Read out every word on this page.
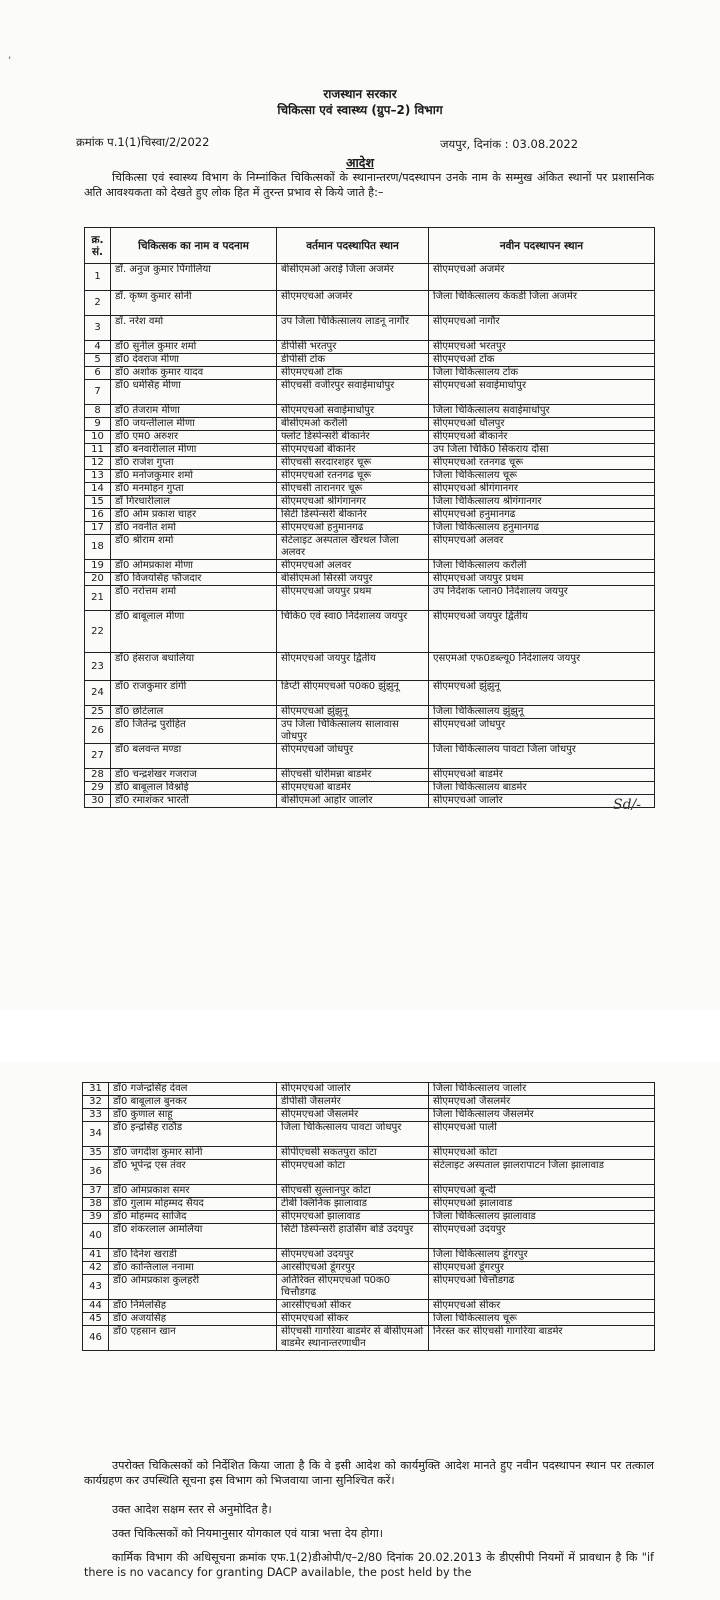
,
राजस्थान सरकार
चिकित्सा एवं स्वास्थ्य (ग्रुप–2) विभाग
क्रमांक प.1(1)चिस्वा/2/2022	जयपुर, दिनांक : 03.08.2022
आदेश
चिकित्सा एवं स्वास्थ्य विभाग के निम्नांकित चिकित्सकों के स्थानान्तरण/पदस्थापन उनके नाम के सम्मुख अंकित स्थानों पर प्रशासनिक अति आवश्यकता को देखते हुए लोक हित में तुरन्त प्रभाव से किये जाते है:–
क्र. सं.	चिकित्सक का नाम व पदनाम	वर्तमान पदस्थापित स्थान	नवीन पदस्थापन स्थान
1	डॉ. अनुज कुमार पिंगोलिया	बीसीएमओ अराई जिला अजमेर	सीएमएचओ अजमेर
2	डॉ. कृष्ण कुमार सोनी	सीएमएचओ अजमेर	जिला चिकित्सालय केकडी जिला अजमेर
3	डॉ. नरेश वर्मा	उप जिला चिकित्सालय लाडनू नागौर	सीएमएचओ नागौर
4	डॉ0 सुनील कुमार शर्मा	डीपीसी भरतपुर	सीएमएचओ भरतपुर
5	डॉ0 देवराज मीणा	डीपीसी टोंक	सीएमएचओ टोंक
6	डॉ0 अशोक कुमार यादव	सीएमएचओ टोंक	जिला चिकित्सालय टोंक
7	डॉ0 धर्मसिंह मीणा	सीएचसी वजीरपुर सवाईमाधोपुर	सीएमएचओ सवाईमाधोपुर
8	डॉ0 तेजराम मीणा	सीएमएचओ सवाईमाधोपुर	जिला चिकित्सालय सवाईमाधोपुर
9	डॉ0 जयन्तीलाल मीणा	बीसीएमओ करौली	सीएमएचओ धौलपुर
10	डॉ0 एम0 अरुशर	फ्लोट डिस्पेन्सरी बीकानेर	सीएमएचओ बीकानेर
11	डॉ0 बनवारीलाल मीणा	सीएमएचओ बीकानेर	उप जिला चिकि0 सिकराय दौसा
12	डॉ0 राजेश गुप्ता	सीएचसी सरदारशहर चूरू	सीएमएचओ रतनगढ चूरू
13	डॉ0 मनोजकुमार शर्मा	सीएमएचओ रतनगढ चूरू	जिला चिकित्सालय चूरू
14	डॉ0 मनमोहन गुप्ता	सीएचसी तारानगर चूरू	सीएमएचओ श्रीगंगानगर
15	डॉ गिरधारीलाल	सीएमएचओ श्रीगंगानगर	जिला चिकित्सालय श्रीगंगानगर
16	डॉ0 ओम प्रकाश चाहर	सिटी डिस्पेन्सरी बीकानेर	सीएमएचओ हनुमानगढ
17	डॉ0 नवनीत शर्मा	सीएमएचओ हनुमानगढ	जिला चिकित्सालय हनुमानगढ
18	डॉ0 श्रीराम शर्मा	सेटेलाइट अस्पताल खैरथल जिला अलवर	सीएमएचओ अलवर
19	डॉ0 ओमप्रकाश मीणा	सीएमएचओ अलवर	जिला चिकित्सालय करौली
20	डॉ0 विजयसिंह फौजदार	बीसीएमओ सिरसी जयपुर	सीएमएचओ जयपुर प्रथम
21	डॉ0 नरोत्तम शर्मा	सीएमएचओ जयपुर प्रथम	उप निदेशक प्लान0 निदेशालय जयपुर
22	डॉ0 बाबूलाल मीणा	चिकि0 एवं स्वा0 निदेशालय जयपुर	सीएमएचओ जयपुर द्वितीय
23	डॉ0 हंसराज बधालिया	सीएमएचओ जयपुर द्वितीय	एसएमओ एफ0डब्ल्यू0 निदेशालय जयपुर
24	डॉ0 राजकुमार डांगी	डिप्टी सीएमएचओ प0क0 झुंझुनू	सीएमएचओ झुंझुनू
25	डॉ0 छोटेलाल	सीएमएचओ झुंझुनू	जिला चिकित्सालय झुंझुनू
26	डॉ0 जितेन्द्र पुरोहित	उप जिला चिकित्सालय सालावास जोधपुर	सीएमएचओ जोधपुर
27	डॉ0 बलवन्त मण्डा	सीएमएचओ जोधपुर	जिला चिकित्सालय पावटा जिला जोधपुर
28	डॉ0 चन्द्रशेखर गजराज	सीएचसी धोरीमन्ना बाडमेर	सीएमएचओ बाडमेर
29	डॉ0 बाबूलाल विश्नोई	सीएमएचओ बाडमेर	जिला चिकित्सालय बाडमेर
30	डॉ0 रमाशंकर भारती	बीसीएमओ आहोर जालोर	सीएमएचओ जालोर	Sd/-
31	डॉ0 गजेन्द्रसिंह देवल	सीएमएचओ जालोर	जिला चिकित्सालय जालोर
32	डॉ0 बाबूलाल बुनकर	डीपीसी जैसलमेर	सीएमएचओ जैसलमेर
33	डॉ0 कुणाल साहू	सीएमएचओ जैसलमेर	जिला चिकित्सालय जैसलमेर
34	डॉ0 इन्द्रसिंह राठौड	जिला चिकित्सालय पावटा जोधपुर	सीएमएचओ पाली
35	डॉ0 जगदीश कुमार सोनी	सीपीएचसी सकतपुरा कोटा	सीएमएचओ कोटा
36	डॉ0 भूपेन्द्र एस तंवर	सीएमएचओ कोटा	सेटेलाइट अस्पताल झालरापाटन जिला झालावाड
37	डॉ0 ओमप्रकाश समर	सीएचसी सुल्तानपुर कोटा	सीएमएचओ बून्दी
38	डॉ0 गुलाम मोहम्मद सैयद	टीबी क्लिनिक झालावाड	सीएमएचओ झालावाड
39	डॉ0 मोहम्मद साजिद	सीएमएचओ झालावाड	जिला चिकित्सालय झालावाड
40	डॉ0 शंकरलाल आमलिया	सिटी डिस्पेन्सरी हाउसिंग बोर्ड उदयपुर	सीएमएचओ उदयपुर
41	डॉ0 दिनेश खराडी	सीएमएचओ उदयपुर	जिला चिकित्सालय डूंगरपुर
42	डॉ0 कान्तिलाल ननामा	आरसीएचओ डूंगरपुर	सीएमएचओ डूंगरपुर
43	डॉ0 ओमप्रकाश कुलहरी	अतिरिक्त सीएमएचओ प0क0 चित्तौडगढ	सीएमएचओ चित्तौडगढ
44	डॉ0 निर्मलसिंह	आरसीएचओ सीकर	सीएमएचओ सीकर
45	डॉ0 अजयसिंह	सीएमएचओ सीकर	जिला चिकित्सालय चूरू
46	डॉ0 एहसान खान	सीएचसी गागरिया बाडमेर से बीसीएमओ बाडमेर स्थानान्तरणाधीन	निरस्त कर सीएचसी गागरिया बाडमेर
उपरोक्त चिकित्सकों को निर्देशित किया जाता है कि वे इसी आदेश को कार्यमुक्ति आदेश मानते हुए नवीन पदस्थापन स्थान पर तत्काल कार्यग्रहण कर उपस्थिति सूचना इस विभाग को भिजवाया जाना सुनिश्चित करें।
उक्त आदेश सक्षम स्तर से अनुमोदित है।
उक्त चिकित्सकों को नियमानुसार योगकाल एवं यात्रा भत्ता देय होगा।
कार्मिक विभाग की अधिसूचना क्रमांक एफ.1(2)डीओपी/ए–2/80 दिनांक 20.02.2013 के डीएसीपी नियमों में प्रावधान है कि "if there is no vacancy for granting DACP available, the post held by the
